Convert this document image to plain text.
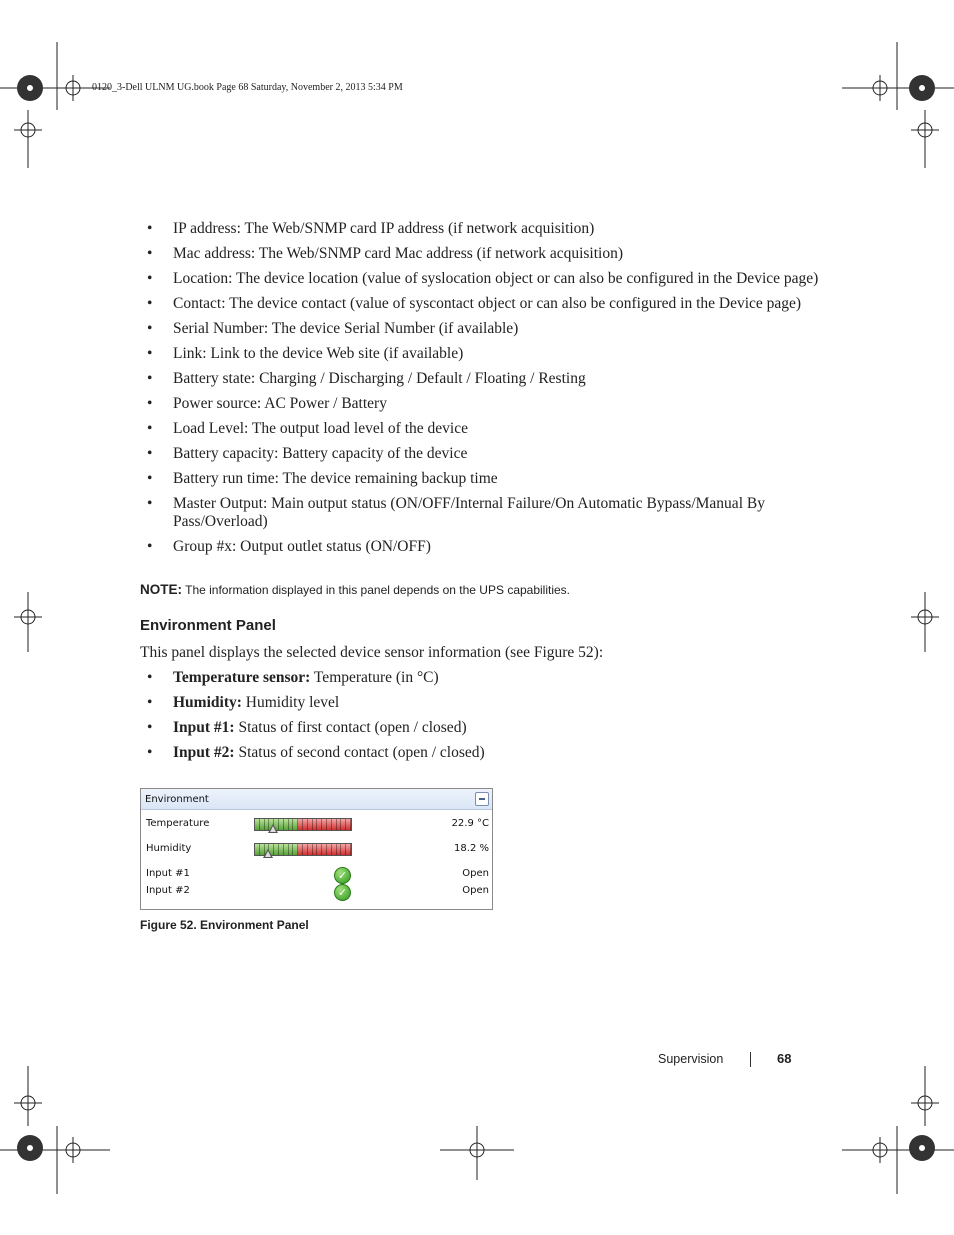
0120_3-Dell ULNM UG.book Page 68 Saturday, November 2, 2013 5:34 PM
• IP address: The Web/SNMP card IP address (if network acquisition)
• Mac address: The Web/SNMP card Mac address (if network acquisition)
• Location: The device location (value of syslocation object or can also be configured in the Device page)
• Contact: The device contact (value of syscontact object or can also be configured in the Device page)
• Serial Number: The device Serial Number (if available)
• Link: Link to the device Web site (if available)
• Battery state: Charging / Discharging / Default / Floating / Resting
• Power source: AC Power / Battery
• Load Level: The output load level of the device
• Battery capacity: Battery capacity of the device
• Battery run time: The device remaining backup time
• Master Output: Main output status (ON/OFF/Internal Failure/On Automatic Bypass/Manual By Pass/Overload)
• Group #x: Output outlet status (ON/OFF)
NOTE: The information displayed in this panel depends on the UPS capabilities.
Environment Panel
This panel displays the selected device sensor information (see Figure 52):
• Temperature sensor: Temperature (in °C)
• Humidity: Humidity level
• Input #1: Status of first contact (open / closed)
• Input #2: Status of second contact (open / closed)
Environment
Temperature	22.9 °C
Humidity	18.2 %
Input #1	✓	Open
Input #2	✓	Open
Figure 52. Environment Panel
Supervision	68
